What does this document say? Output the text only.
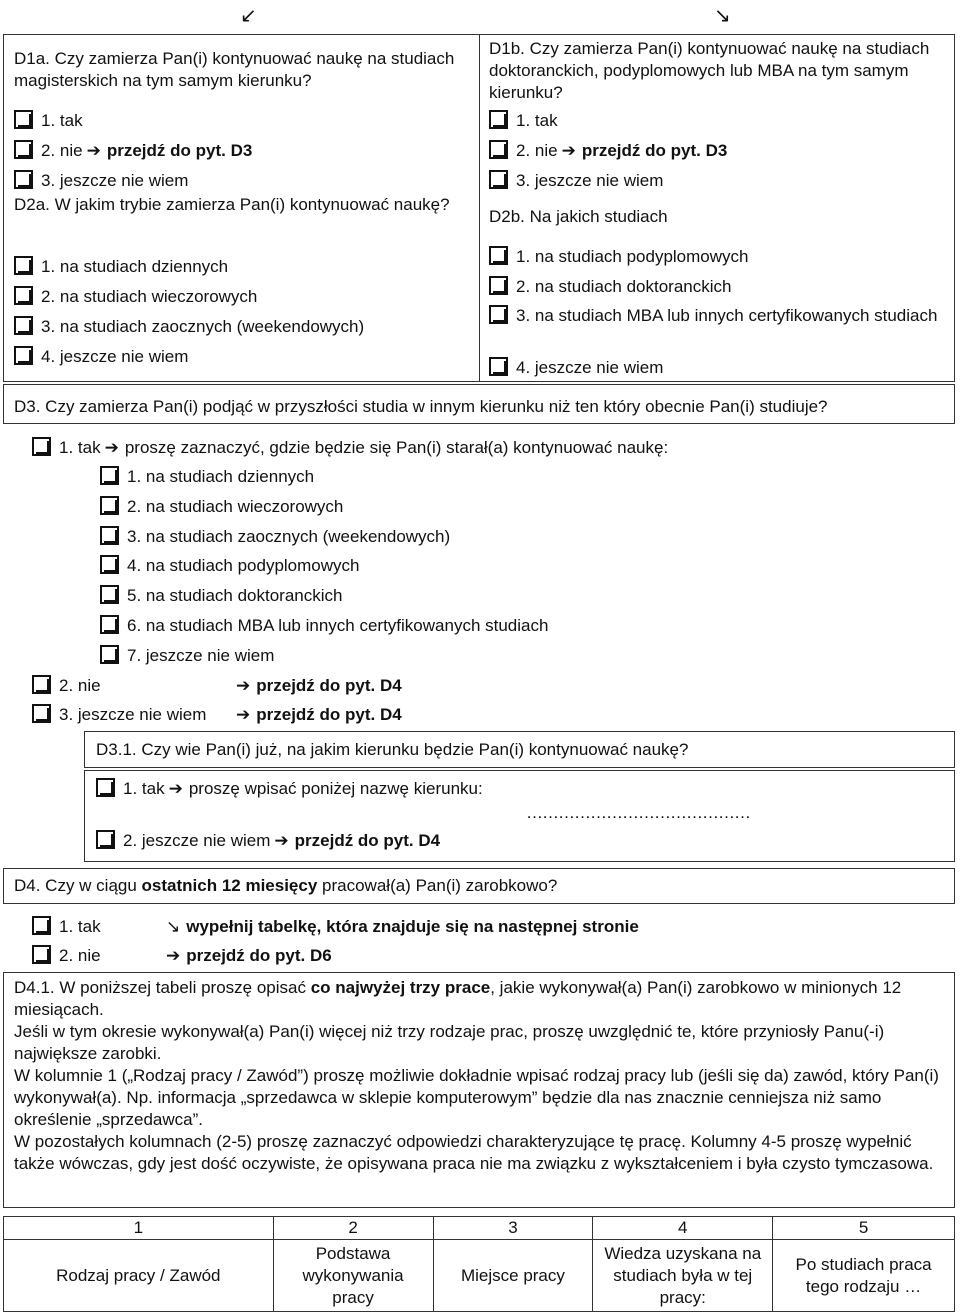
↙	↘
D1a. Czy zamierza Pan(i) kontynuować naukę na studiach magisterskich na tym samym kierunku?
1. tak
2. nie ➔ przejdź do pyt. D3
3. jeszcze nie wiem
D2a. W jakim trybie zamierza Pan(i) kontynuować naukę?
1. na studiach dziennych
2. na studiach wieczorowych
3. na studiach zaocznych (weekendowych)
4. jeszcze nie wiem
D1b. Czy zamierza Pan(i) kontynuować naukę na studiach doktoranckich, podyplomowych lub MBA na tym samym kierunku?
1. tak
2. nie ➔ przejdź do pyt. D3
3. jeszcze nie wiem
D2b. Na jakich studiach
1. na studiach podyplomowych
2. na studiach doktoranckich
3. na studiach MBA lub innych certyfikowanych studiach
4. jeszcze nie wiem
D3. Czy zamierza Pan(i) podjąć w przyszłości studia w innym kierunku niż ten który obecnie Pan(i) studiuje?
1. tak ➔ proszę zaznaczyć, gdzie będzie się Pan(i) starał(a) kontynuować naukę:
1. na studiach dziennych
2. na studiach wieczorowych
3. na studiach zaocznych (weekendowych)
4. na studiach podyplomowych
5. na studiach doktoranckich
6. na studiach MBA lub innych certyfikowanych studiach
7. jeszcze nie wiem
2. nie	➔ przejdź do pyt. D4
3. jeszcze nie wiem ➔ przejdź do pyt. D4
D3.1. Czy wie Pan(i) już, na jakim kierunku będzie Pan(i) kontynuować naukę?
1. tak ➔ proszę wpisać poniżej nazwę kierunku:
……………………………………
2. jeszcze nie wiem ➔ przejdź do pyt. D4
D4. Czy w ciągu ostatnich 12 miesięcy pracował(a) Pan(i) zarobkowo?
1. tak	↘ wypełnij tabelkę, która znajduje się na następnej stronie
2. nie	➔ przejdź do pyt. D6
D4.1. W poniższej tabeli proszę opisać co najwyżej trzy prace, jakie wykonywał(a) Pan(i) zarobkowo w minionych 12 miesiącach.
Jeśli w tym okresie wykonywał(a) Pan(i) więcej niż trzy rodzaje prac, proszę uwzględnić te, które przyniosły Panu(-i) największe zarobki.
W kolumnie 1 („Rodzaj pracy / Zawód”) proszę możliwie dokładnie wpisać rodzaj pracy lub (jeśli się da) zawód, który Pan(i) wykonywał(a). Np. informacja „sprzedawca w sklepie komputerowym” będzie dla nas znacznie cenniejsza niż samo określenie „sprzedawca”.
W pozostałych kolumnach (2-5) proszę zaznaczyć odpowiedzi charakteryzujące tę pracę. Kolumny 4-5 proszę wypełnić także wówczas, gdy jest dość oczywiste, że opisywana praca nie ma związku z wykształceniem i była czysto tymczasowa.
1	2	3	4	5
Rodzaj pracy / Zawód	Podstawa wykonywania pracy	Miejsce pracy	Wiedza uzyskana na studiach była w tej pracy:	Po studiach praca tego rodzaju …
